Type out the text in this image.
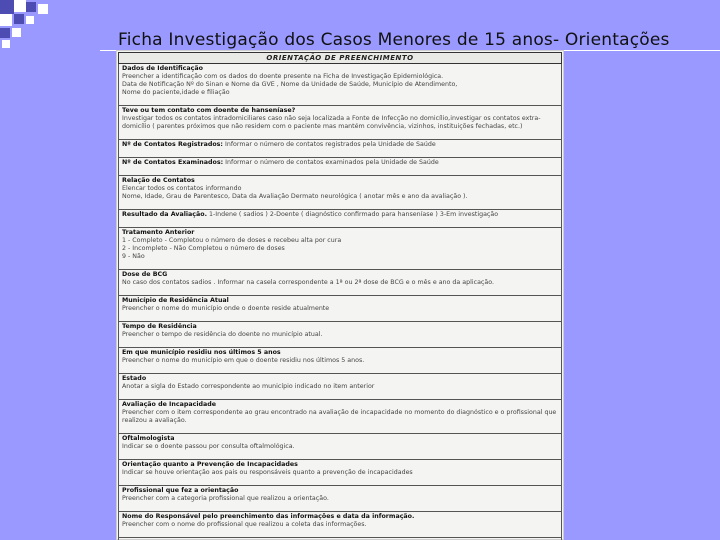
Ficha Investigação dos Casos Menores de 15 anos- Orientações
ORIENTAÇÃO DE PREENCHIMENTO
Dados de Identificação
Preencher a identificação com os dados do doente presente na Ficha de Investigação Epidemiológica.
Data de Notificação Nº do Sinan e Nome da GVE , Nome da Unidade de Saúde, Município de Atendimento,
Nome do paciente,idade e filiação
Teve ou tem contato com doente de hanseníase?
Investigar todos os contatos intradomiciliares caso não seja localizada a Fonte de Infecção no domicílio,investigar os contatos extra-domicílio ( parentes próximos que não residem com o paciente mas mantém convivência, vizinhos, instituições fechadas, etc.)
Nº de Contatos Registrados: Informar o número de contatos registrados pela Unidade de Saúde
Nº de Contatos Examinados: Informar o número de contatos examinados pela Unidade de Saúde
Relação de Contatos
Elencar todos os contatos informando
Nome, Idade, Grau de Parentesco, Data da Avaliação Dermato neurológica ( anotar mês e ano da avaliação ).
Resultado da Avaliação. 1-Indene ( sadios ) 2-Doente ( diagnóstico confirmado para hanseníase ) 3-Em investigação
Tratamento Anterior
1 - Completo - Completou o número de doses e recebeu alta por cura
2 - Incompleto - Não Completou o número de doses
9 - Não
Dose de BCG
No caso dos contatos sadios . Informar na casela correspondente a 1ª ou 2ª dose de BCG e o mês e ano da aplicação.
Município de Residência Atual
Preencher o nome do município onde o doente reside atualmente
Tempo de Residência
Preencher o tempo de residência do doente no município atual.
Em que município residiu nos últimos 5 anos
Preencher o nome do município em que o doente residiu nos últimos 5 anos.
Estado
Anotar a sigla do Estado correspondente ao município indicado no item anterior
Avaliação de Incapacidade
Preencher com o item correspondente ao grau encontrado na avaliação de incapacidade no momento do diagnóstico e o profissional que realizou a avaliação.
Oftalmologista
Indicar se o doente passou por consulta oftalmológica.
Orientação quanto a Prevenção de Incapacidades
Indicar se houve orientação aos pais ou responsáveis quanto a prevenção de incapacidades
Profissional que fez a orientação
Preencher com a categoria profissional que realizou a orientação.
Nome do Responsável pelo preenchimento das informações e data da informação.
Preencher com o nome do profissional que realizou a coleta das informações.
